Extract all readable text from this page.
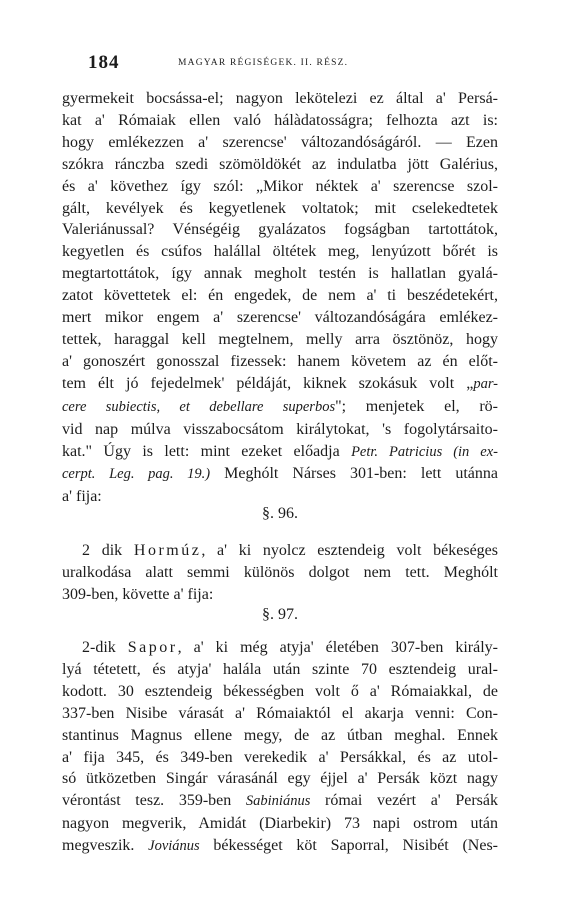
184	MAGYAR RÉGISÉGEK. II. RÉSZ.
gyermekeit bocsássa-el; nagyon lekötelezi ez által a' Persá-
kat a' Rómaiak ellen való hálàdatosságra; felhozta azt is:
hogy emlékezzen a' szerencse' változandóságáról. — Ezen
szókra ránczba szedi szömöldökét az indulatba jött Galérius,
és a' követhez így szól: „Mikor néktek a' szerencse szol-
gált, kevélyek és kegyetlenek voltatok; mit cselekedtetek
Valeriánussal? Vénségéig gyalázatos fogságban tartottátok,
kegyetlen és csúfos halállal öltétek meg, lenyúzott bőrét is
megtartottátok, így annak megholt testén is hallatlan gyalá-
zatot követtetek el: én engedek, de nem a' ti beszédetekért,
mert mikor engem a' szerencse' változandóságára emlékez-
tettek, haraggal kell megtelnem, melly arra ösztönöz, hogy
a' gonoszért gonosszal fizessek: hanem követem az én előt-
tem élt jó fejedelmek' példáját, kiknek szokásuk volt „par-
cere subiectis, et debellare superbos"; menjetek el, rö-
vid nap múlva visszabocsátom királytokat, 's fogolytársaito-
kat." Úgy is lett: mint ezeket előadja Petr. Patricius (in ex-
cerpt. Leg. pag. 19.) Meghólt Nárses 301-ben: lett utánna
a' fija:
§. 96.
2 dik Hormúz, a' ki nyolcz esztendeig volt békeséges
uralkodása alatt semmi különös dolgot nem tett. Meghólt
309-ben, követte a' fija:
§. 97.
2-dik Sapor, a' ki még atyja' életében 307-ben király-
lyá tétetett, és atyja' halála után szinte 70 esztendeig ural-
kodott. 30 esztendeig békességben volt ő a' Rómaiakkal, de
337-ben Nisibe várasát a' Rómaiaktól el akarja venni: Con-
stantinus Magnus ellene megy, de az útban meghal. Ennek
a' fija 345, és 349-ben verekedik a' Persákkal, és az utol-
só ütközetben Singár várasánál egy éjjel a' Persák közt nagy
vérontást tesz. 359-ben Sabiniánus római vezért a' Persák
nagyon megverik, Amidát (Diarbekir) 73 napi ostrom után
megveszik. Joviánus békességet köt Saporral, Nisibét (Nes-
